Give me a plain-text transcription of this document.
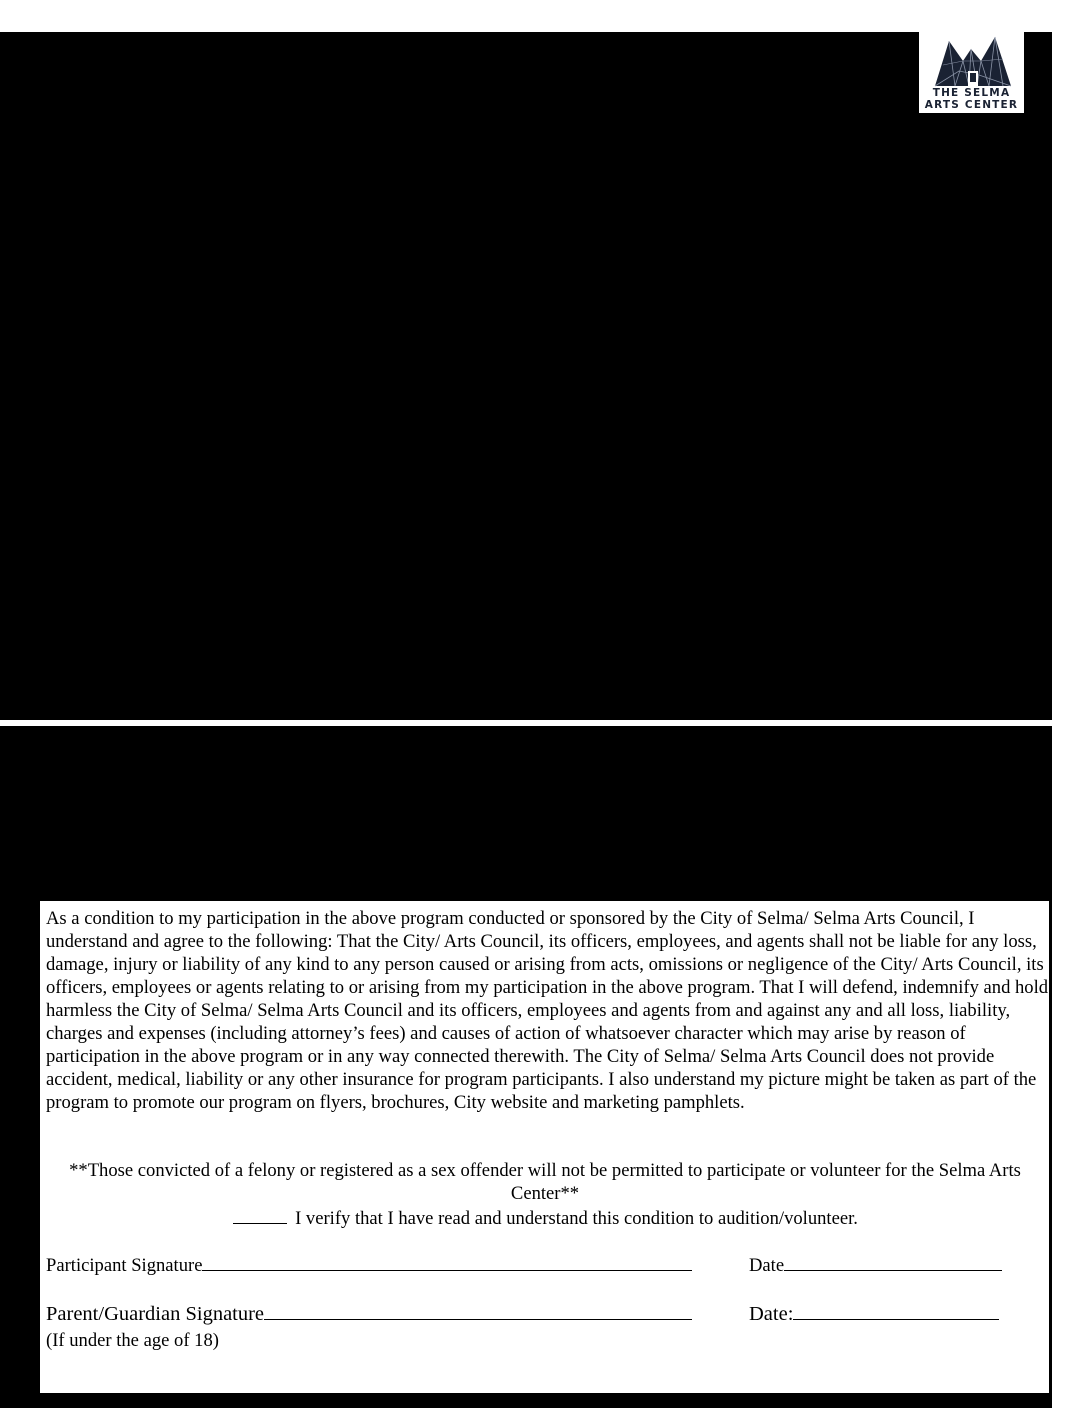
THE SELMA
ARTS CENTER

As a condition to my participation in the above program conducted or sponsored by the City of Selma/ Selma Arts Council, I understand and agree to the following: That the City/ Arts Council, its officers, employees, and agents shall not be liable for any loss, damage, injury or liability of any kind to any person caused or arising from acts, omissions or negligence of the City/ Arts Council, its officers, employees or agents relating to or arising from my participation in the above program. That I will defend, indemnify and hold harmless the City of Selma/ Selma Arts Council and its officers, employees and agents from and against any and all loss, liability, charges and expenses (including attorney’s fees) and causes of action of whatsoever character which may arise by reason of participation in the above program or in any way connected therewith. The City of Selma/ Selma Arts Council does not provide accident, medical, liability or any other insurance for program participants. I also understand my picture might be taken as part of the program to promote our program on flyers, brochures, City website and marketing pamphlets.

**Those convicted of a felony or registered as a sex offender will not be permitted to participate or volunteer for the Selma Arts Center**

I verify that I have read and understand this condition to audition/volunteer.
Participant Signature	Date
Parent/Guardian Signature	Date:
(If under the age of 18)
